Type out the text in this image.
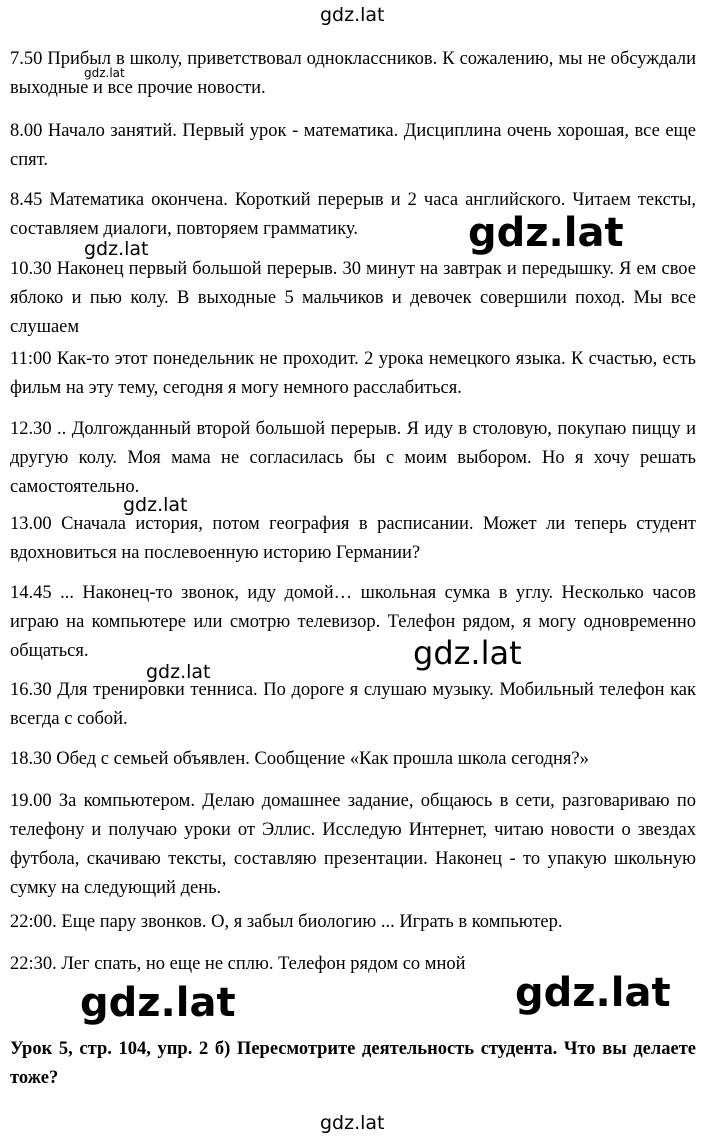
gdz.lat
7.50 Прибыл в школу, приветствовал одноклассников. К сожалению, мы не обсуждали выходные и все прочие новости.
gdz.lat
8.00 Начало занятий. Первый урок - математика. Дисциплина очень хорошая, все еще спят.
8.45 Математика окончена. Короткий перерыв и 2 часа английского. Читаем тексты, составляем диалоги, повторяем грамматику.	gdz.lat
gdz.lat
10.30 Наконец первый большой перерыв. 30 минут на завтрак и передышку. Я ем свое яблоко и пью колу. В выходные 5 мальчиков и девочек совершили поход. Мы все слушаем
11:00 Как-то этот понедельник не проходит. 2 урока немецкого языка. К счастью, есть фильм на эту тему, сегодня я могу немного расслабиться.
12.30 .. Долгожданный второй большой перерыв. Я иду в столовую, покупаю пиццу и другую колу. Моя мама не согласилась бы с моим выбором. Но я хочу решать самостоятельно.
gdz.lat
13.00 Сначала история, потом география в расписании. Может ли теперь студент вдохновиться на послевоенную историю Германии?
14.45 ... Наконец-то звонок, иду домой… школьная сумка в углу. Несколько часов играю на компьютере или смотрю телевизор. Телефон рядом, я могу одновременно общаться.	gdz.lat
gdz.lat
16.30 Для тренировки тенниса. По дороге я слушаю музыку. Мобильный телефон как всегда с собой.
18.30 Обед с семьей объявлен. Сообщение «Как прошла школа сегодня?»
19.00 За компьютером. Делаю домашнее задание, общаюсь в сети, разговариваю по телефону и получаю уроки от Эллис. Исследую Интернет, читаю новости о звездах футбола, скачиваю тексты, составляю презентации. Наконец - то упакую школьную сумку на следующий день.
22:00. Еще пару звонков. О, я забыл биологию ... Играть в компьютер.
22:30. Лег спать, но еще не сплю. Телефон рядом со мной
gdz.lat	gdz.lat
Урок 5, стр. 104, упр. 2 б) Пересмотрите деятельность студента. Что вы делаете тоже?
gdz.lat
